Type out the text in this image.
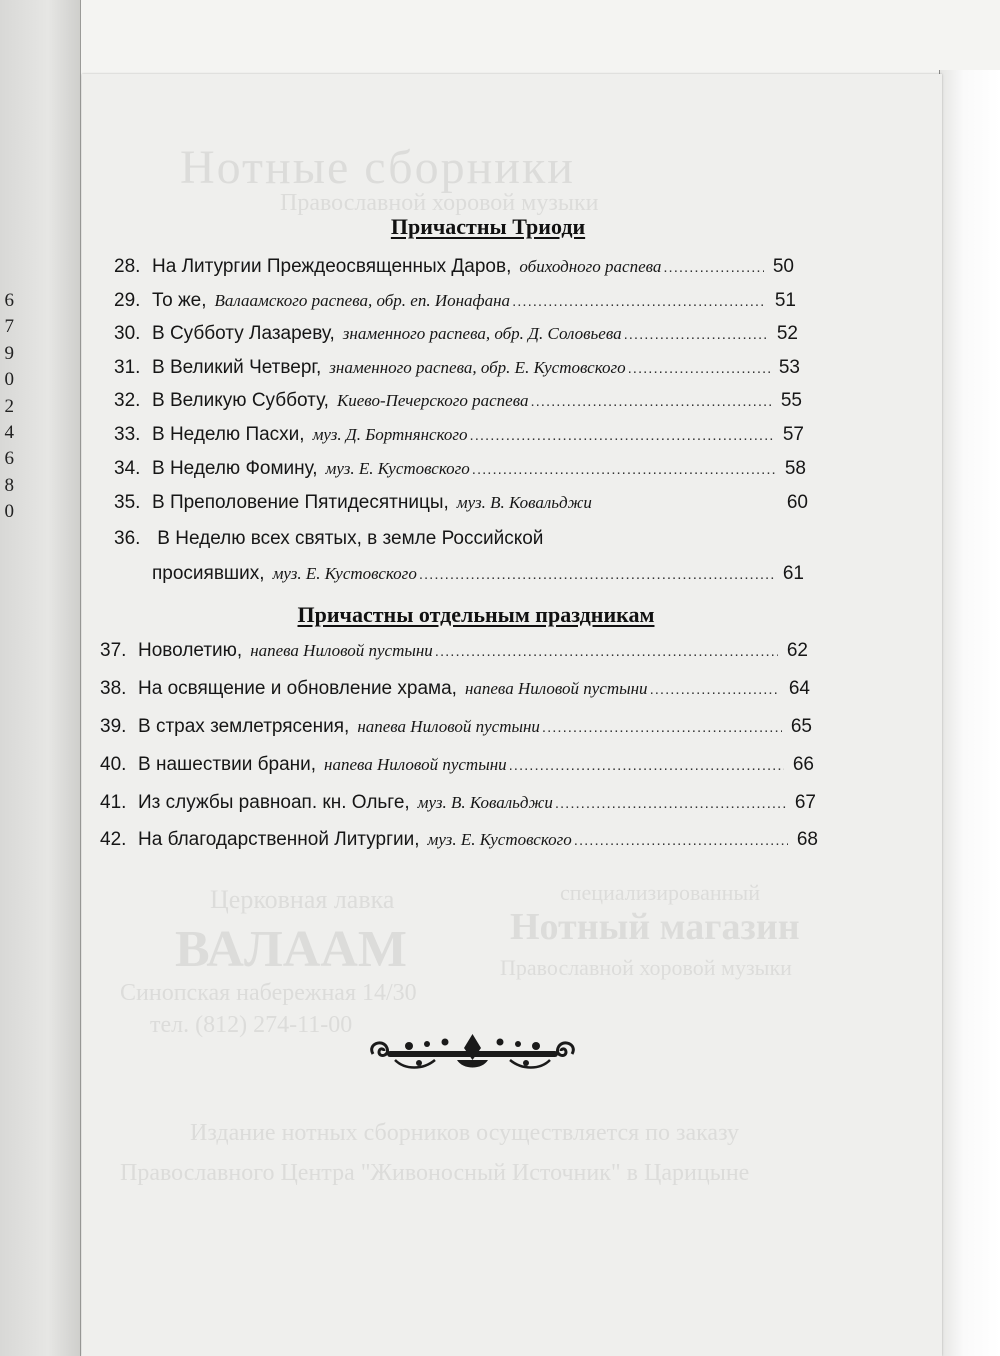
6
7
9
0
2
4
6
8
0
Причастны Триоди
28. На Литургии Преждеосвященных Даров, обиходного распева .....	50
29. То же, Валаамского распева, обр. еп. Ионафана .....	51
30. В Субботу Лазареву, знаменного распева, обр. Д. Соловьева .....	52
31. В Великий Четверг, знаменного распева, обр. Е. Кустовского .....	53
32. В Великую Субботу, Киево-Печерского распева .....	55
33. В Неделю Пасхи, муз. Д. Бортнянского .....	57
34. В Неделю Фомину, муз. Е. Кустовского .....	58
35. В Преполовение Пятидесятницы, муз. В. Ковальджи	60
36. В Неделю всех святых, в земле Российской
просиявших, муз. Е. Кустовского .....	61
Причастны отдельным праздникам
37. Новолетию, напева Ниловой пустыни .....	62
38. На освящение и обновление храма, напева Ниловой пустыни .....	64
39. В страх землетрясения, напева Ниловой пустыни .....	65
40. В нашествии брани, напева Ниловой пустыни .....	66
41. Из службы равноап. кн. Ольге, муз. В. Ковальджи .....	67
42. На благодарственной Литургии, муз. Е. Кустовского .....	68
